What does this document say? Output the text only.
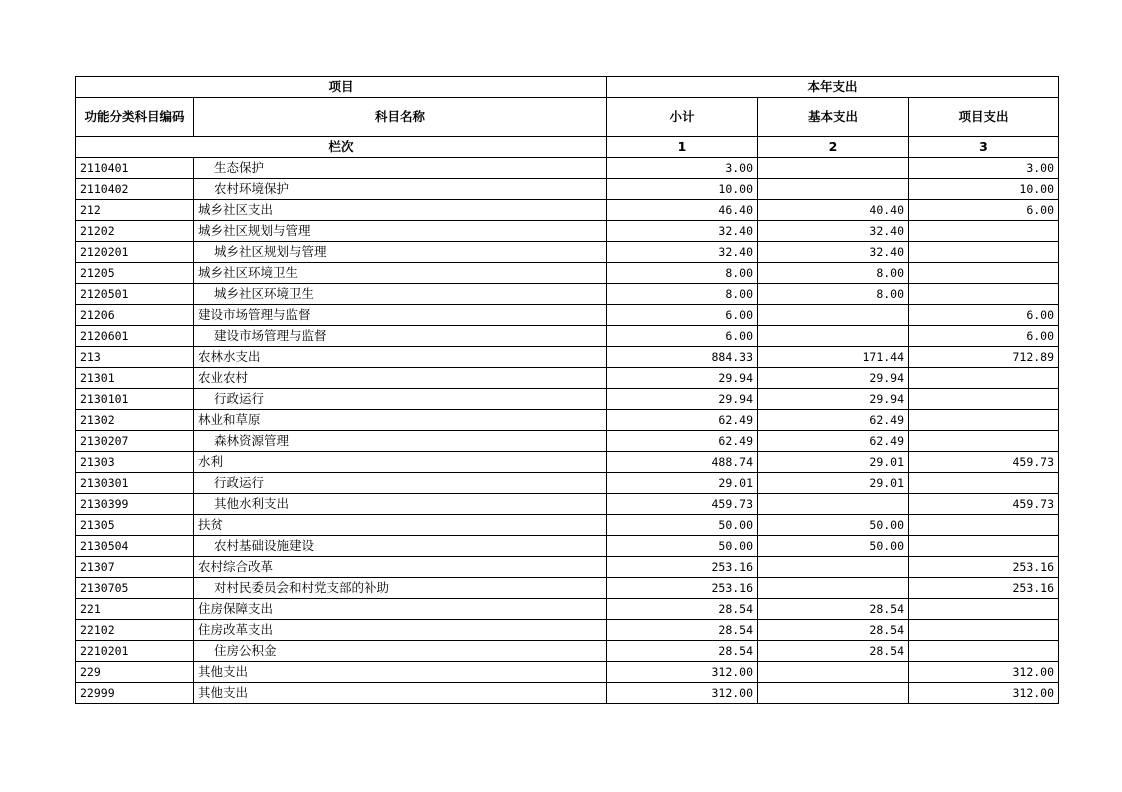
项目		本年支出		
功能分类科目编码	科目名称	小计	基本支出	项目支出
栏次		1	2	3
2110401	生态保护	3.00		3.00
2110402	农村环境保护	10.00		10.00
212	城乡社区支出	46.40	40.40	6.00
21202	城乡社区规划与管理	32.40	32.40	
2120201	城乡社区规划与管理	32.40	32.40	
21205	城乡社区环境卫生	8.00	8.00	
2120501	城乡社区环境卫生	8.00	8.00	
21206	建设市场管理与监督	6.00		6.00
2120601	建设市场管理与监督	6.00		6.00
213	农林水支出	884.33	171.44	712.89
21301	农业农村	29.94	29.94	
2130101	行政运行	29.94	29.94	
21302	林业和草原	62.49	62.49	
2130207	森林资源管理	62.49	62.49	
21303	水利	488.74	29.01	459.73
2130301	行政运行	29.01	29.01	
2130399	其他水利支出	459.73		459.73
21305	扶贫	50.00	50.00	
2130504	农村基础设施建设	50.00	50.00	
21307	农村综合改革	253.16		253.16
2130705	对村民委员会和村党支部的补助	253.16		253.16
221	住房保障支出	28.54	28.54	
22102	住房改革支出	28.54	28.54	
2210201	住房公积金	28.54	28.54	
229	其他支出	312.00		312.00
22999	其他支出	312.00		312.00
